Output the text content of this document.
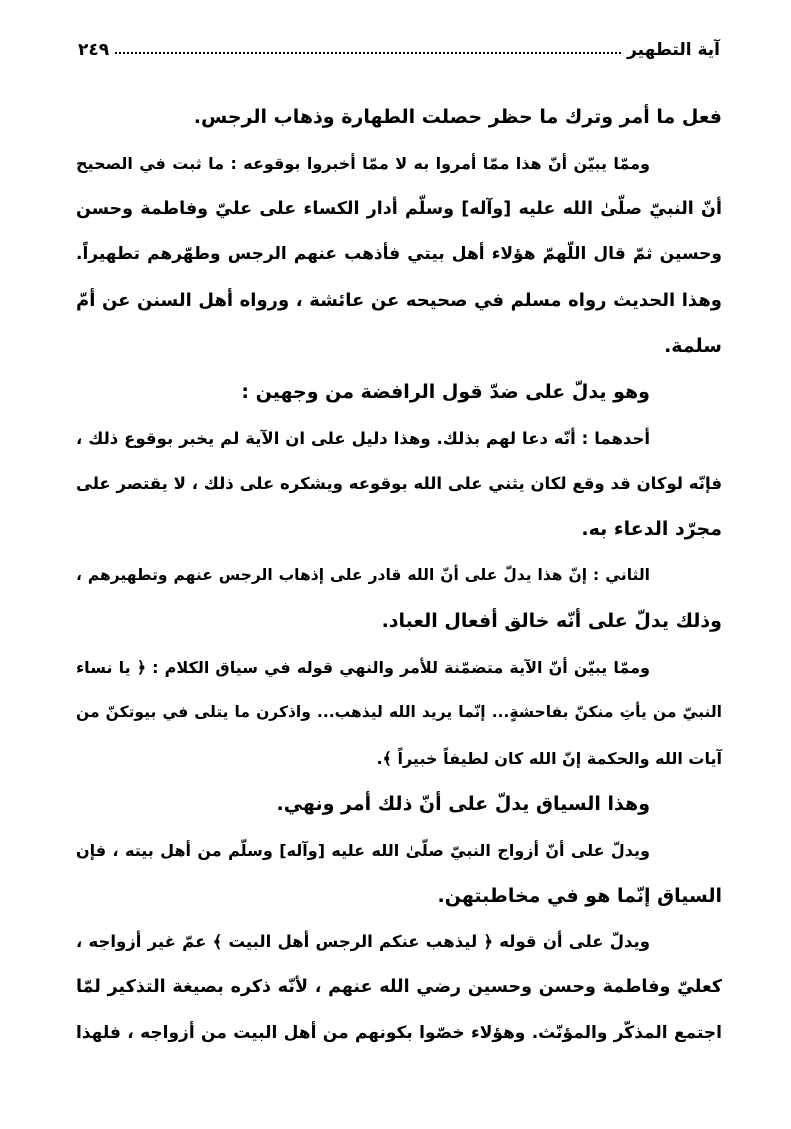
آية التطهير
٢٤٩
فعل ما أمر وترك ما حظر حصلت الطهارة وذهاب الرجس.
وممّا يبيّن أنّ هذا ممّا أمروا به لا ممّا أخبروا بوقوعه : ما ثبت في الصحيح
أنّ النبيّ صلّىٰ الله عليه [وآله] وسلّم أدار الكساء على عليّ وفاطمة وحسن
وحسين ثمّ قال اللّهمّ هؤلاء أهل بيتي فأذهب عنهم الرجس وطهّرهم تطهيراً.
وهذا الحديث رواه مسلم في صحيحه عن عائشة ، ورواه أهل السنن عن أمّ
سلمة.
وهو يدلّ على ضدّ قول الرافضة من وجهين :
أحدهما : أنّه دعا لهم بذلك. وهذا دليل على ان الآية لم يخبر بوقوع ذلك ،
فإنّه لوكان قد وقع لكان يثني على الله بوقوعه ويشكره على ذلك ، لا يقتصر على
مجرّد الدعاء به.
الثاني : إنّ هذا يدلّ على أنّ الله قادر على إذهاب الرجس عنهم وتطهيرهم ،
وذلك يدلّ على أنّه خالق أفعال العباد.
وممّا يبيّن أنّ الآية متضمّنة للأمر والنهي قوله في سياق الكلام : ﴿ يا نساء
النبيّ من يأتِ منكنّ بفاحشةٍ... إنّما يريد الله ليذهب... واذكرن ما يتلى في بيوتكنّ من
آيات الله والحكمة إنّ الله كان لطيفاً خبيراً ﴾.
وهذا السياق يدلّ على أنّ ذلك أمر ونهي.
ويدلّ على أنّ أزواج النبيّ صلّىٰ الله عليه [وآله] وسلّم من أهل بيته ، فإن
السياق إنّما هو في مخاطبتهن.
ويدلّ على أن قوله ﴿ ليذهب عنكم الرجس أهل البيت ﴾ عمّ غير أزواجه ،
كعليّ وفاطمة وحسن وحسين رضي الله عنهم ، لأنّه ذكره بصيغة التذكير لمّا
اجتمع المذكّر والمؤنّث. وهؤلاء خصّوا بكونهم من أهل البيت من أزواجه ، فلهذا
